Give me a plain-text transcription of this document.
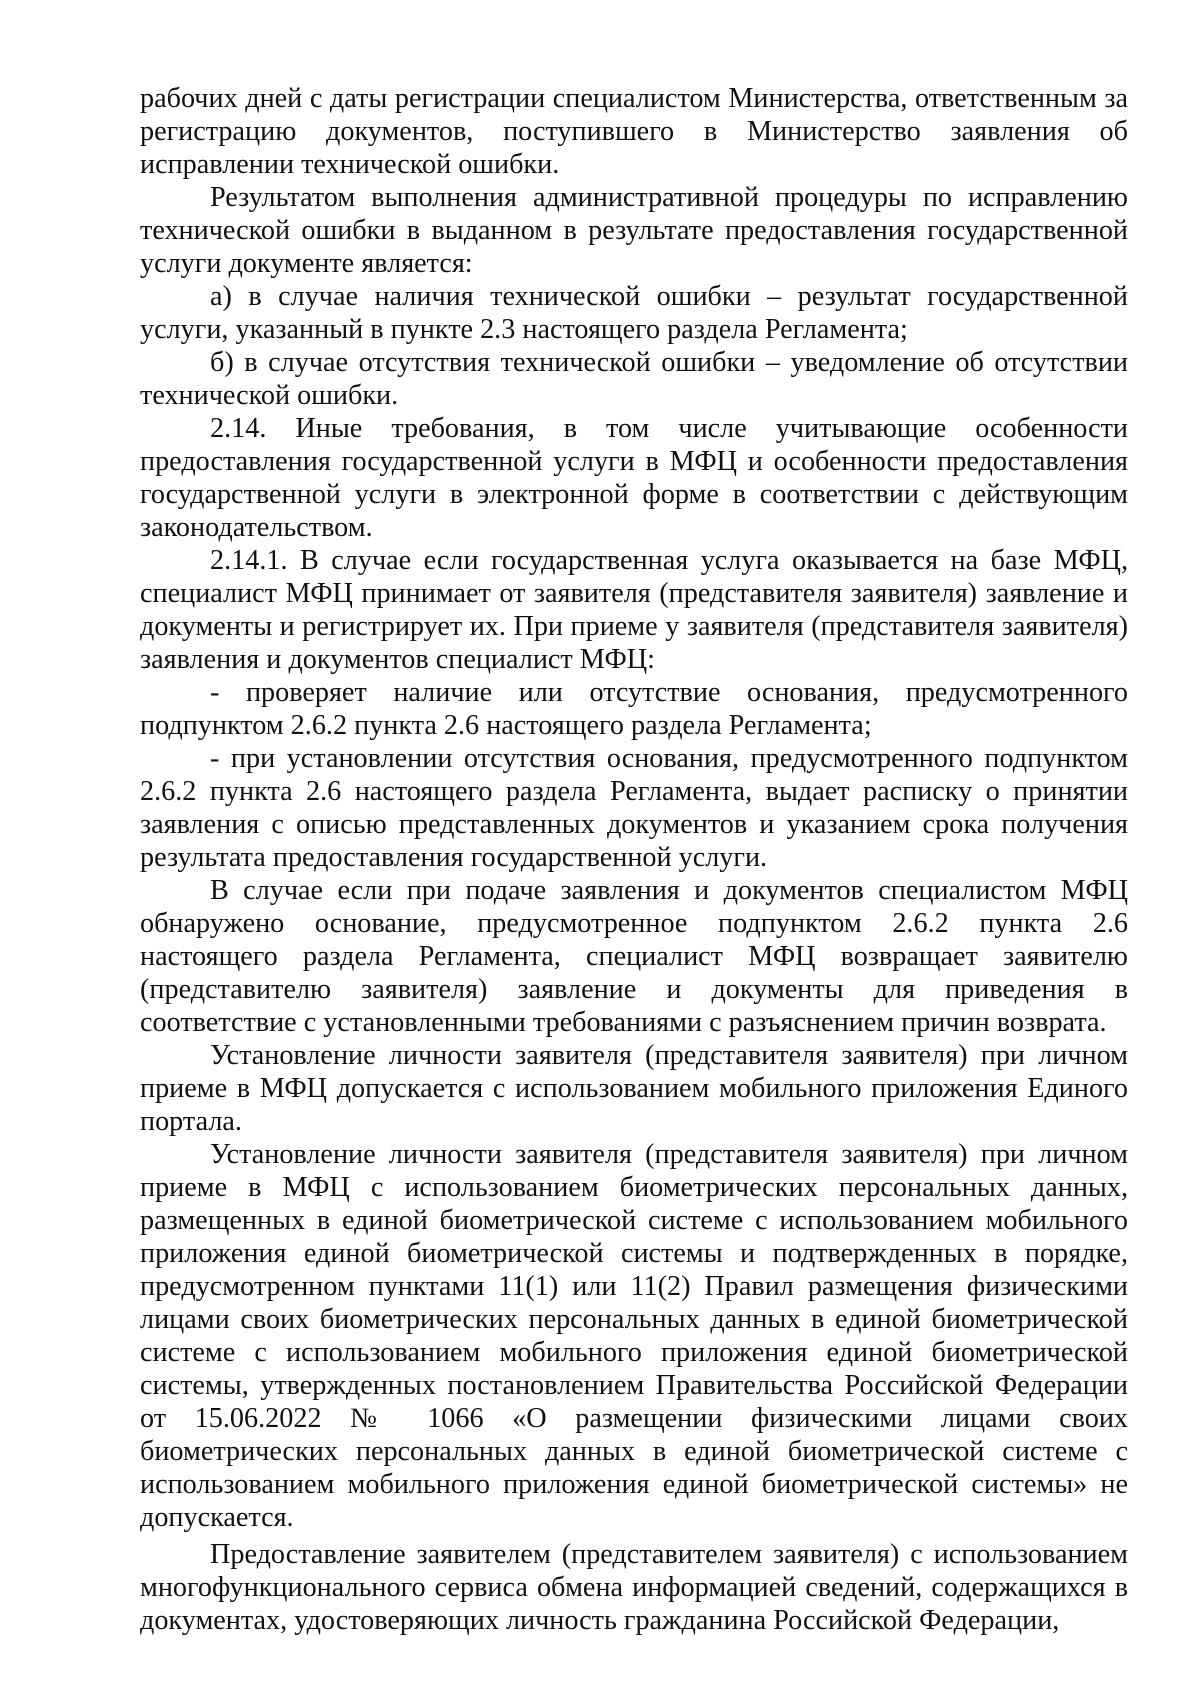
рабочих дней с даты регистрации специалистом Министерства, ответственным за регистрацию документов, поступившего в Министерство заявления об исправлении технической ошибки.

Результатом выполнения административной процедуры по исправлению технической ошибки в выданном в результате предоставления государственной услуги документе является:

а) в случае наличия технической ошибки – результат государственной услуги, указанный в пункте 2.3 настоящего раздела Регламента;

б) в случае отсутствия технической ошибки – уведомление об отсутствии технической ошибки.

2.14. Иные требования, в том числе учитывающие особенности предоставления государственной услуги в МФЦ и особенности предоставления государственной услуги в электронной форме в соответствии с действующим законодательством.

2.14.1. В случае если государственная услуга оказывается на базе МФЦ, специалист МФЦ принимает от заявителя (представителя заявителя) заявление и документы и регистрирует их. При приеме у заявителя (представителя заявителя) заявления и документов специалист МФЦ:

- проверяет наличие или отсутствие основания, предусмотренного подпунктом 2.6.2 пункта 2.6 настоящего раздела Регламента;

- при установлении отсутствия основания, предусмотренного подпунктом 2.6.2 пункта 2.6 настоящего раздела Регламента, выдает расписку о принятии заявления с описью представленных документов и указанием срока получения результата предоставления государственной услуги.

В случае если при подаче заявления и документов специалистом МФЦ обнаружено основание, предусмотренное подпунктом 2.6.2 пункта 2.6 настоящего раздела Регламента, специалист МФЦ возвращает заявителю (представителю заявителя) заявление и документы для приведения в соответствие с установленными требованиями с разъяснением причин возврата.

Установление личности заявителя (представителя заявителя) при личном приеме в МФЦ допускается с использованием мобильного приложения Единого портала.

Установление личности заявителя (представителя заявителя) при личном приеме в МФЦ с использованием биометрических персональных данных, размещенных в единой биометрической системе с использованием мобильного приложения единой биометрической системы и подтвержденных в порядке, предусмотренном пунктами 11(1) или 11(2) Правил размещения физическими лицами своих биометрических персональных данных в единой биометрической системе с использованием мобильного приложения единой биометрической системы, утвержденных постановлением Правительства Российской Федерации от 15.06.2022 № 1066 «О размещении физическими лицами своих биометрических персональных данных в единой биометрической системе с использованием мобильного приложения единой биометрической системы» не допускается.

Предоставление заявителем (представителем заявителя) с использованием многофункционального сервиса обмена информацией сведений, содержащихся в документах, удостоверяющих личность гражданина Российской Федерации,
